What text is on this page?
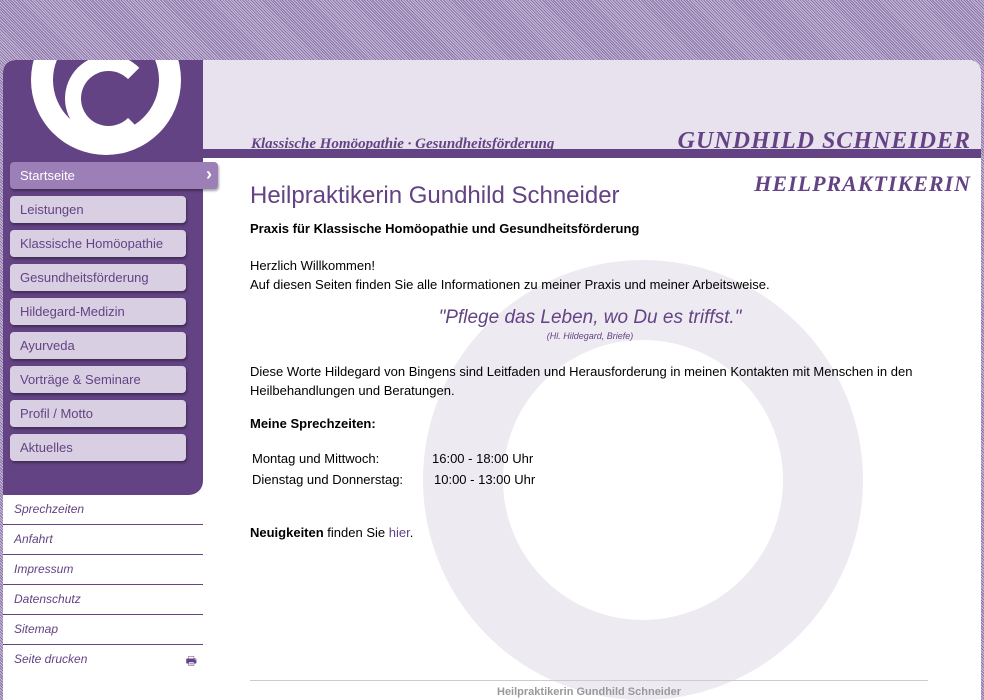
Klassische Homöopathie · Gesundheitsförderung	GUNDHILD SCHNEIDER
HEILPRAKTIKERIN
Startseite	›
Leistungen
Klassische Homöopathie
Gesundheitsförderung
Hildegard-Medizin
Ayurveda
Vorträge & Seminare
Profil / Motto
Aktuelles
Sprechzeiten
Anfahrt
Impressum
Datenschutz
Sitemap
Seite drucken	🖶
Heilpraktikerin Gundhild Schneider

Praxis für Klassische Homöopathie und Gesundheitsförderung

Herzlich Willkommen!

Auf diesen Seiten finden Sie alle Informationen zu meiner Praxis und meiner Arbeitsweise.

"Pflege das Leben, wo Du es triffst."

(Hl. Hildegard, Briefe)

Diese Worte Hildegard von Bingens sind Leitfaden und Herausforderung in meinen Kontakten mit Menschen in den Heilbehandlungen und Beratungen.

Meine Sprechzeiten:

Montag und Mittwoch:	16:00 - 18:00 Uhr
Dienstag und Donnerstag:	10:00 - 13:00 Uhr

Neuigkeiten finden Sie hier.

Heilpraktikerin Gundhild Schneider
